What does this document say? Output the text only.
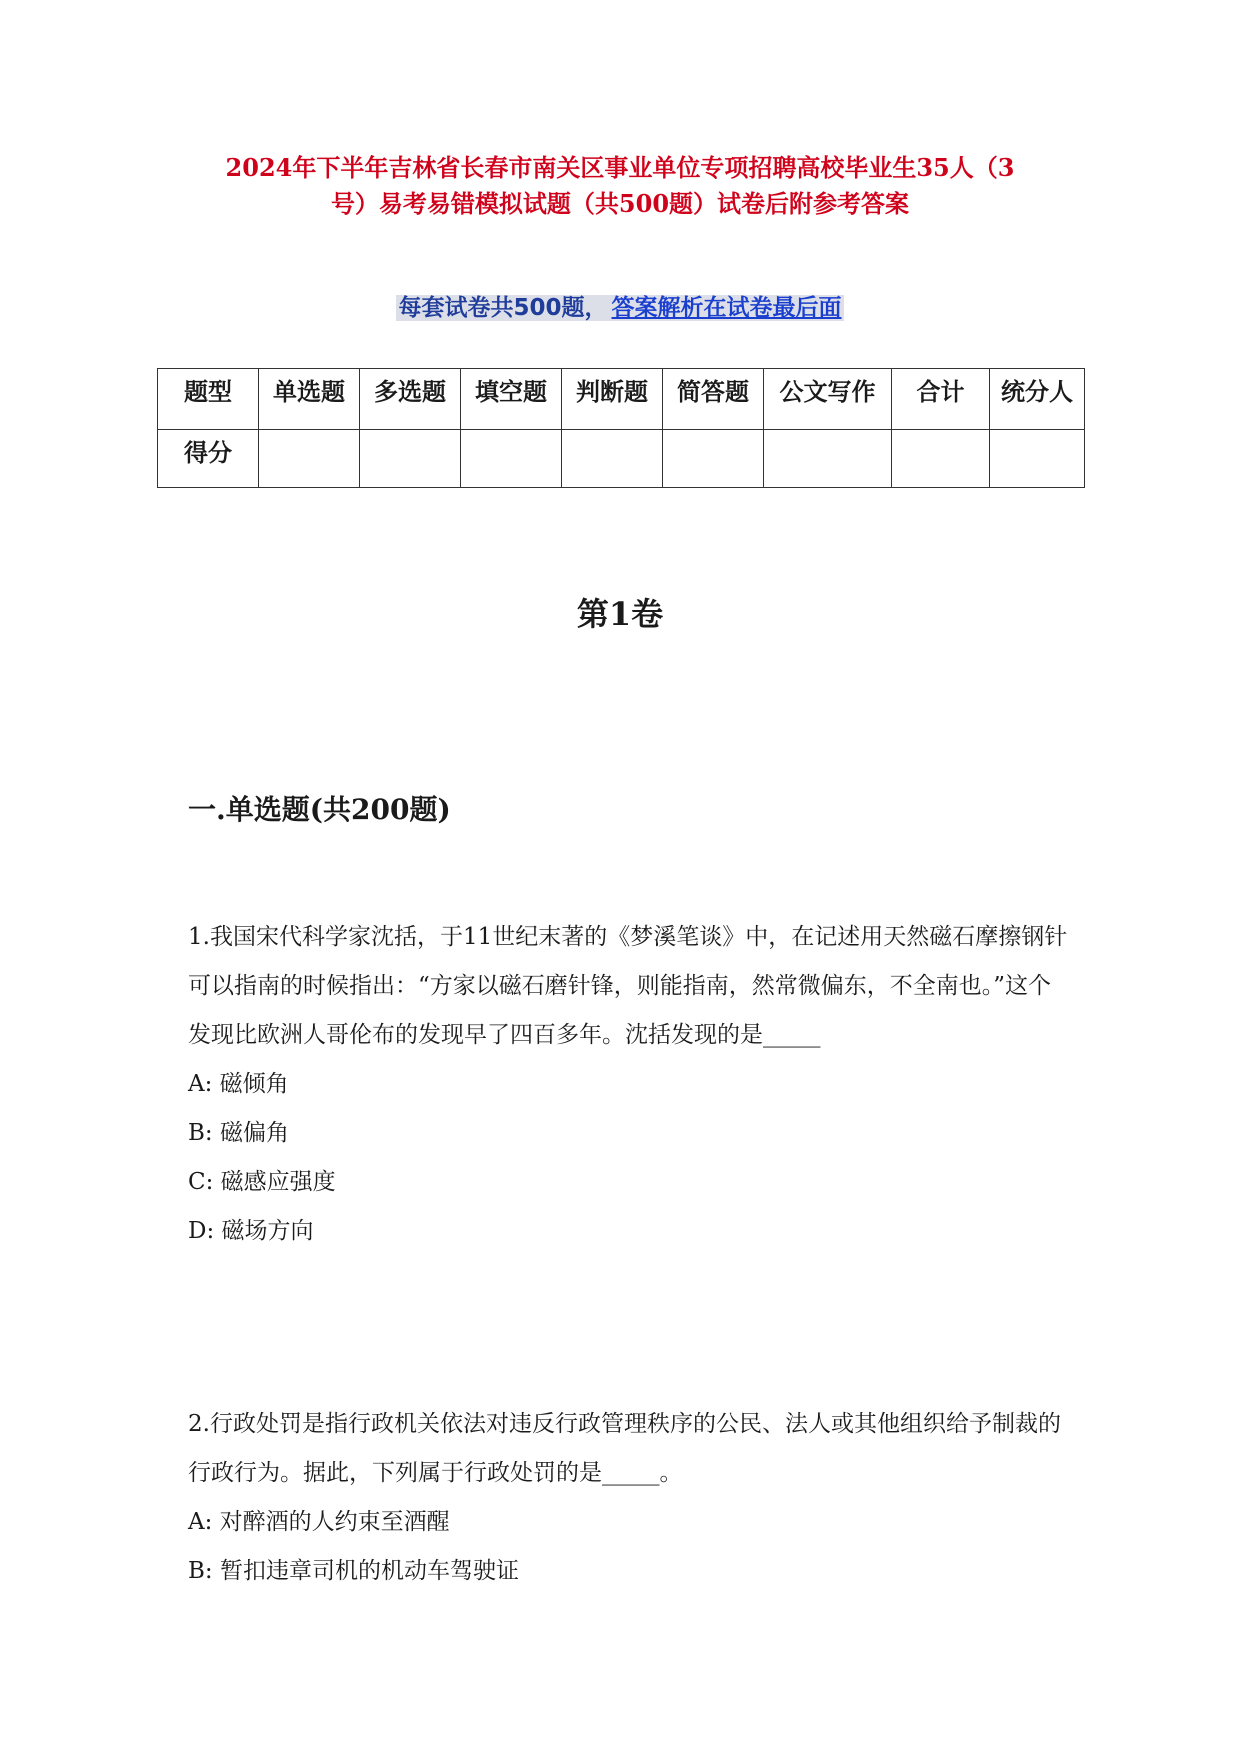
2024年下半年吉林省长春市南关区事业单位专项招聘高校毕业生35人（3
号）易考易错模拟试题（共500题）试卷后附参考答案
每套试卷共500题， 答案解析在试卷最后面
题型	单选题	多选题	填空题	判断题	简答题	公文写作	合计	统分人
得分								
第1卷
一.单选题(共200题)

1.我国宋代科学家沈括，于11世纪末著的《梦溪笔谈》中，在记述用天然磁石摩擦钢针可以指南的时候指出：“方家以磁石磨针锋，则能指南，然常微偏东，不全南也。”这个发现比欧洲人哥伦布的发现早了四百多年。沈括发现的是_____

A: 磁倾角

B: 磁偏角

C: 磁感应强度

D: 磁场方向

2.行政处罚是指行政机关依法对违反行政管理秩序的公民、法人或其他组织给予制裁的行政行为。据此，下列属于行政处罚的是_____。

A: 对醉酒的人约束至酒醒

B: 暂扣违章司机的机动车驾驶证
